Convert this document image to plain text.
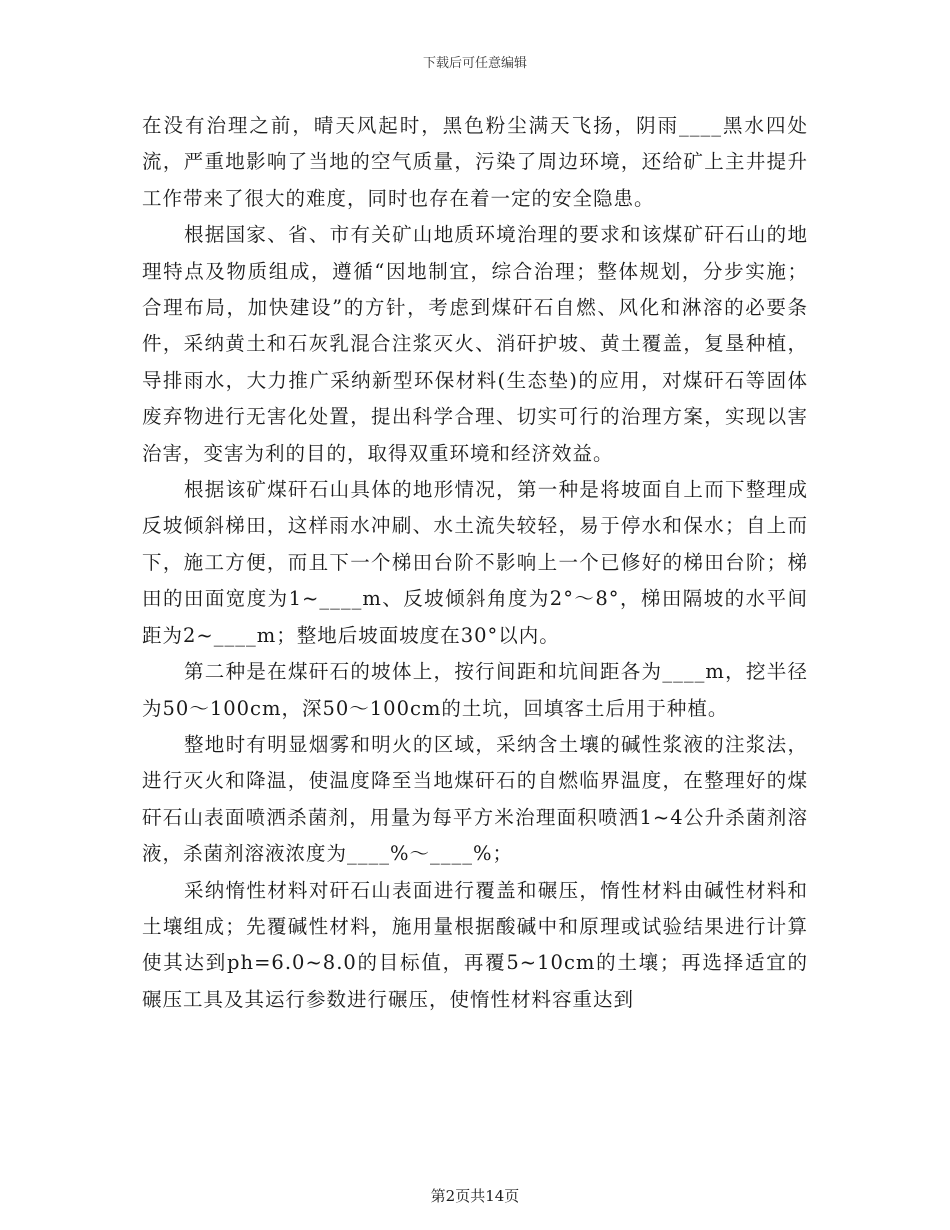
下载后可任意编辑

在没有治理之前，晴天风起时，黑色粉尘满天飞扬，阴雨____黑水四处流，严重地影响了当地的空气质量，污染了周边环境，还给矿上主井提升工作带来了很大的难度，同时也存在着一定的安全隐患。

根据国家、省、市有关矿山地质环境治理的要求和该煤矿矸石山的地理特点及物质组成，遵循“因地制宜，综合治理；整体规划，分步实施；合理布局，加快建设”的方针，考虑到煤矸石自燃、风化和淋溶的必要条件，采纳黄土和石灰乳混合注浆灭火、消矸护坡、黄土覆盖，复垦种植，导排雨水，大力推广采纳新型环保材料(生态垫)的应用，对煤矸石等固体废弃物进行无害化处置，提出科学合理、切实可行的治理方案，实现以害治害，变害为利的目的，取得双重环境和经济效益。

根据该矿煤矸石山具体的地形情况，第一种是将坡面自上而下整理成反坡倾斜梯田，这样雨水冲刷、水土流失较轻，易于停水和保水；自上而下，施工方便，而且下一个梯田台阶不影响上一个已修好的梯田台阶；梯田的田面宽度为1~____m、反坡倾斜角度为2°～8°，梯田隔坡的水平间距为2~____m；整地后坡面坡度在30°以内。

第二种是在煤矸石的坡体上，按行间距和坑间距各为____m，挖半径为50～100cm，深50～100cm的土坑，回填客土后用于种植。

整地时有明显烟雾和明火的区域，采纳含土壤的碱性浆液的注浆法，进行灭火和降温，使温度降至当地煤矸石的自燃临界温度，在整理好的煤矸石山表面喷洒杀菌剂，用量为每平方米治理面积喷洒1~4公升杀菌剂溶液，杀菌剂溶液浓度为____%～____%；

采纳惰性材料对矸石山表面进行覆盖和碾压，惰性材料由碱性材料和土壤组成；先覆碱性材料，施用量根据酸碱中和原理或试验结果进行计算使其达到ph=6.0~8.0的目标值，再覆5~10cm的土壤；再选择适宜的碾压工具及其运行参数进行碾压，使惰性材料容重达到

第2页共14页
